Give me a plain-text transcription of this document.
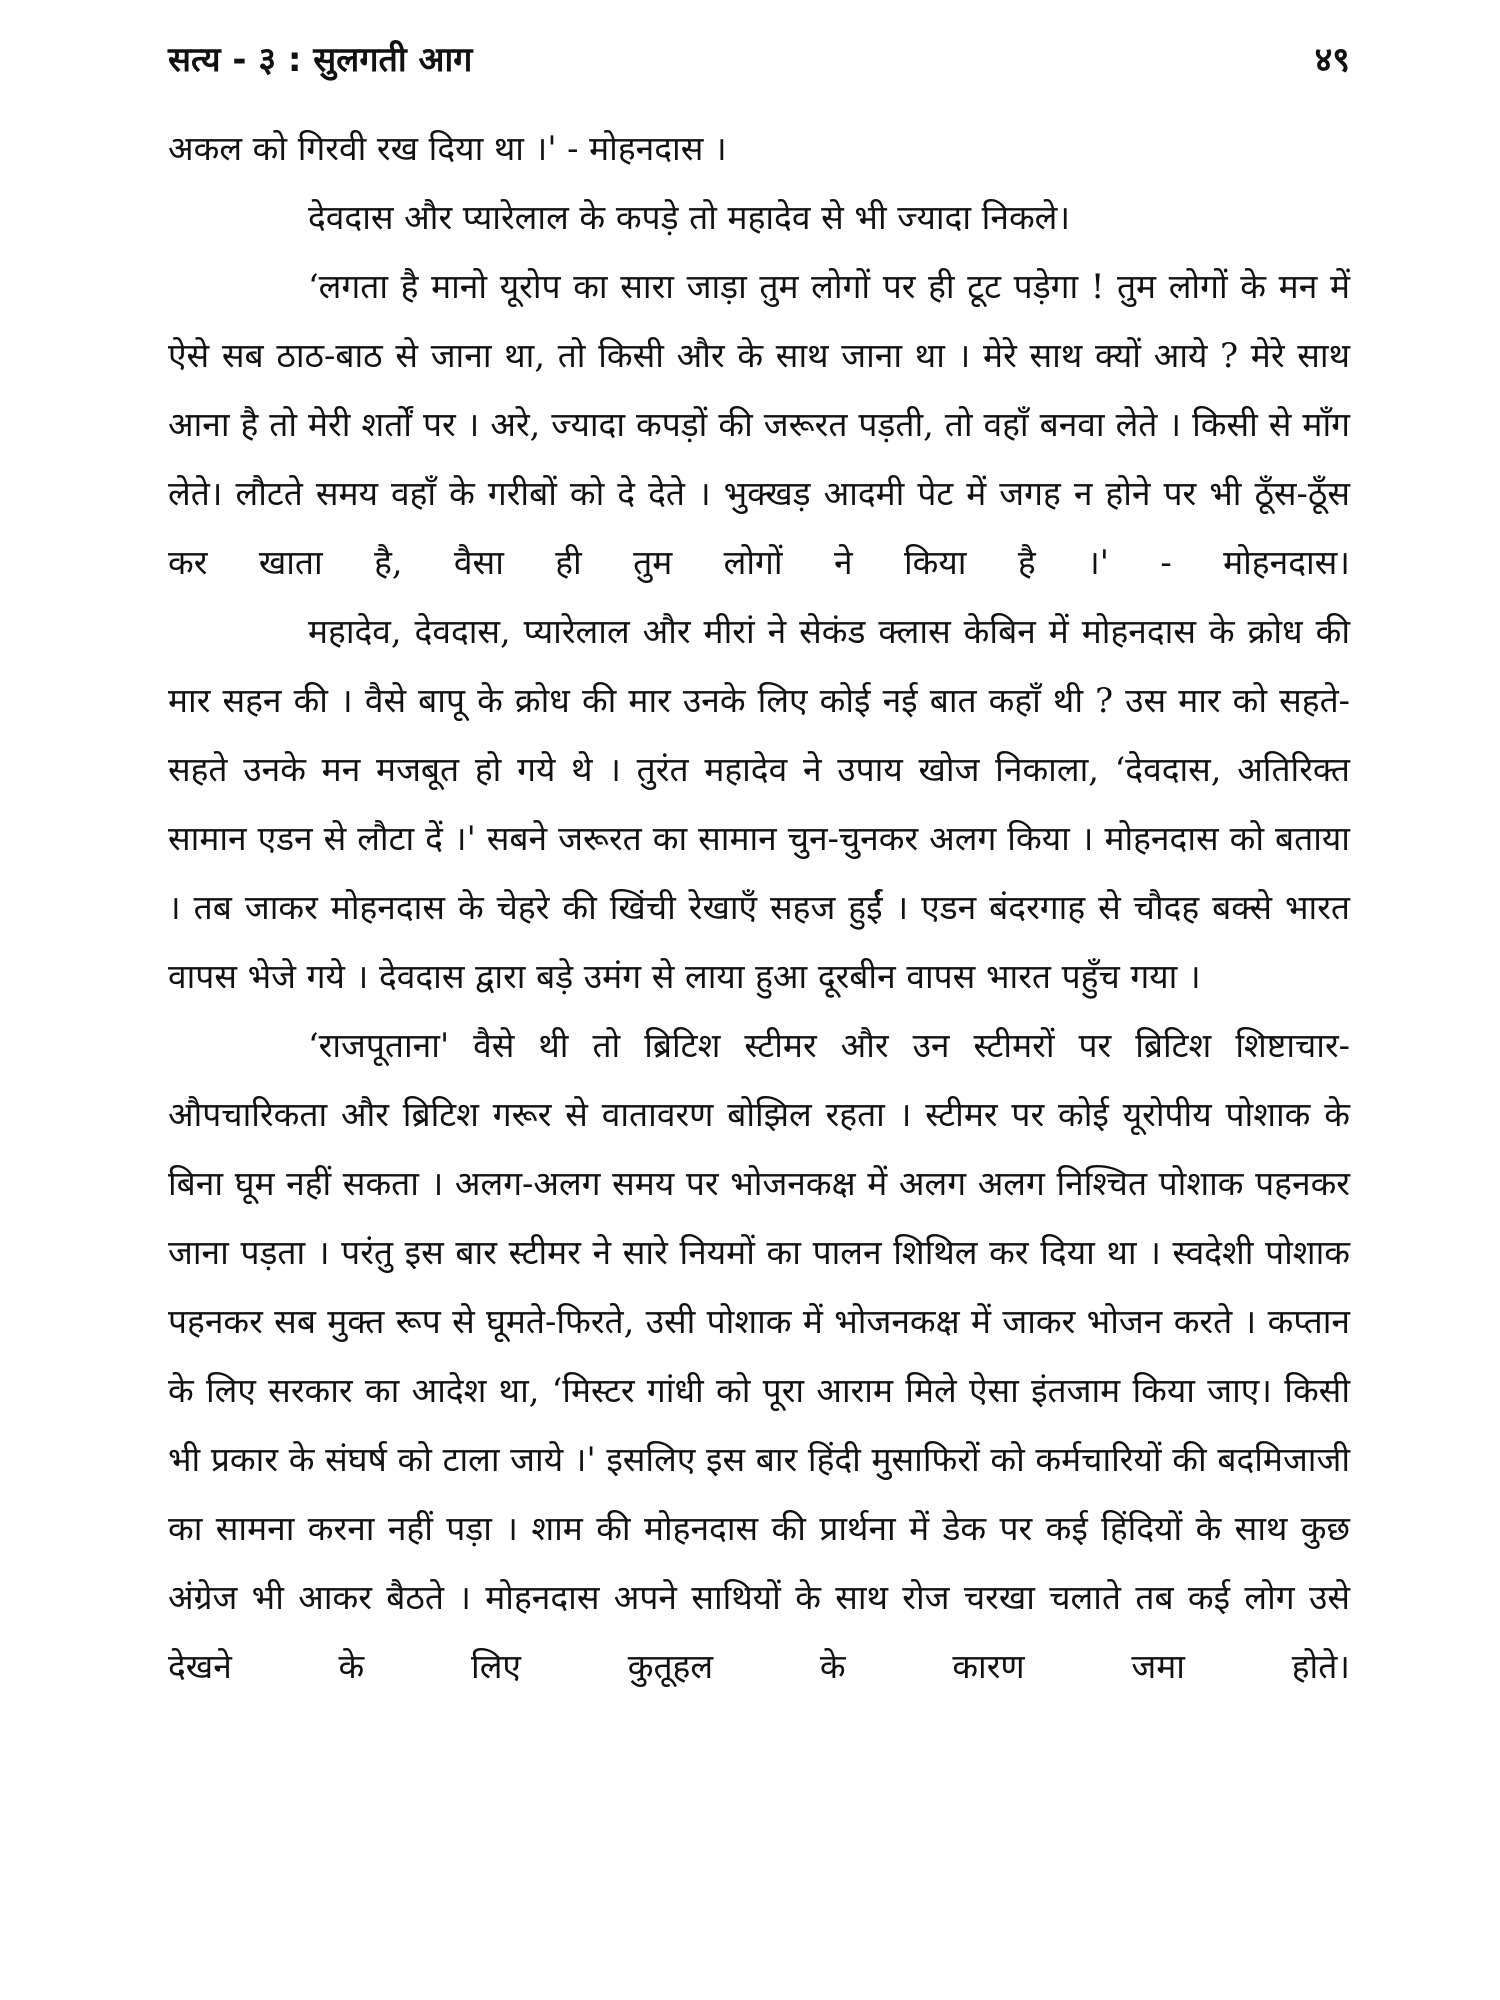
सत्य - ३ : सुलगती आग	४९

अकल को गिरवी रख दिया था ।' - मोहनदास ।

देवदास और प्यारेलाल के कपड़े तो महादेव से भी ज्यादा निकले।

‘लगता है मानो यूरोप का सारा जाड़ा तुम लोगों पर ही टूट पड़ेगा ! तुम लोगों के मन में ऐसे सब ठाठ-बाठ से जाना था, तो किसी और के साथ जाना था । मेरे साथ क्यों आये ? मेरे साथ आना है तो मेरी शर्तों पर । अरे, ज्यादा कपड़ों की जरूरत पड़ती, तो वहाँ बनवा लेते । किसी से माँग लेते। लौटते समय वहाँ के गरीबों को दे देते । भुक्खड़ आदमी पेट में जगह न होने पर भी ठूँस-ठूँस कर खाता है, वैसा ही तुम लोगों ने किया है ।' - मोहनदास।

महादेव, देवदास, प्यारेलाल और मीरां ने सेकंड क्लास केबिन में मोहनदास के क्रोध की मार सहन की । वैसे बापू के क्रोध की मार उनके लिए कोई नई बात कहाँ थी ? उस मार को सहते-सहते उनके मन मजबूत हो गये थे । तुरंत महादेव ने उपाय खोज निकाला, ‘देवदास, अतिरिक्त सामान एडन से लौटा दें ।' सबने जरूरत का सामान चुन-चुनकर अलग किया । मोहनदास को बताया । तब जाकर मोहनदास के चेहरे की खिंची रेखाएँ सहज हुईं । एडन बंदरगाह से चौदह बक्से भारत वापस भेजे गये । देवदास द्वारा बड़े उमंग से लाया हुआ दूरबीन वापस भारत पहुँच गया ।

‘राजपूताना' वैसे थी तो ब्रिटिश स्टीमर और उन स्टीमरों पर ब्रिटिश शिष्टाचार-औपचारिकता और ब्रिटिश गरूर से वातावरण बोझिल रहता । स्टीमर पर कोई यूरोपीय पोशाक के बिना घूम नहीं सकता । अलग-अलग समय पर भोजनकक्ष में अलग अलग निश्चित पोशाक पहनकर जाना पड़ता । परंतु इस बार स्टीमर ने सारे नियमों का पालन शिथिल कर दिया था । स्वदेशी पोशाक पहनकर सब मुक्त रूप से घूमते-फिरते, उसी पोशाक में भोजनकक्ष में जाकर भोजन करते । कप्तान के लिए सरकार का आदेश था, ‘मिस्टर गांधी को पूरा आराम मिले ऐसा इंतजाम किया जाए। किसी भी प्रकार के संघर्ष को टाला जाये ।' इसलिए इस बार हिंदी मुसाफिरों को कर्मचारियों की बदमिजाजी का सामना करना नहीं पड़ा । शाम की मोहनदास की प्रार्थना में डेक पर कई हिंदियों के साथ कुछ अंग्रेज भी आकर बैठते । मोहनदास अपने साथियों के साथ रोज चरखा चलाते तब कई लोग उसे देखने के लिए कुतूहल के कारण जमा होते।
